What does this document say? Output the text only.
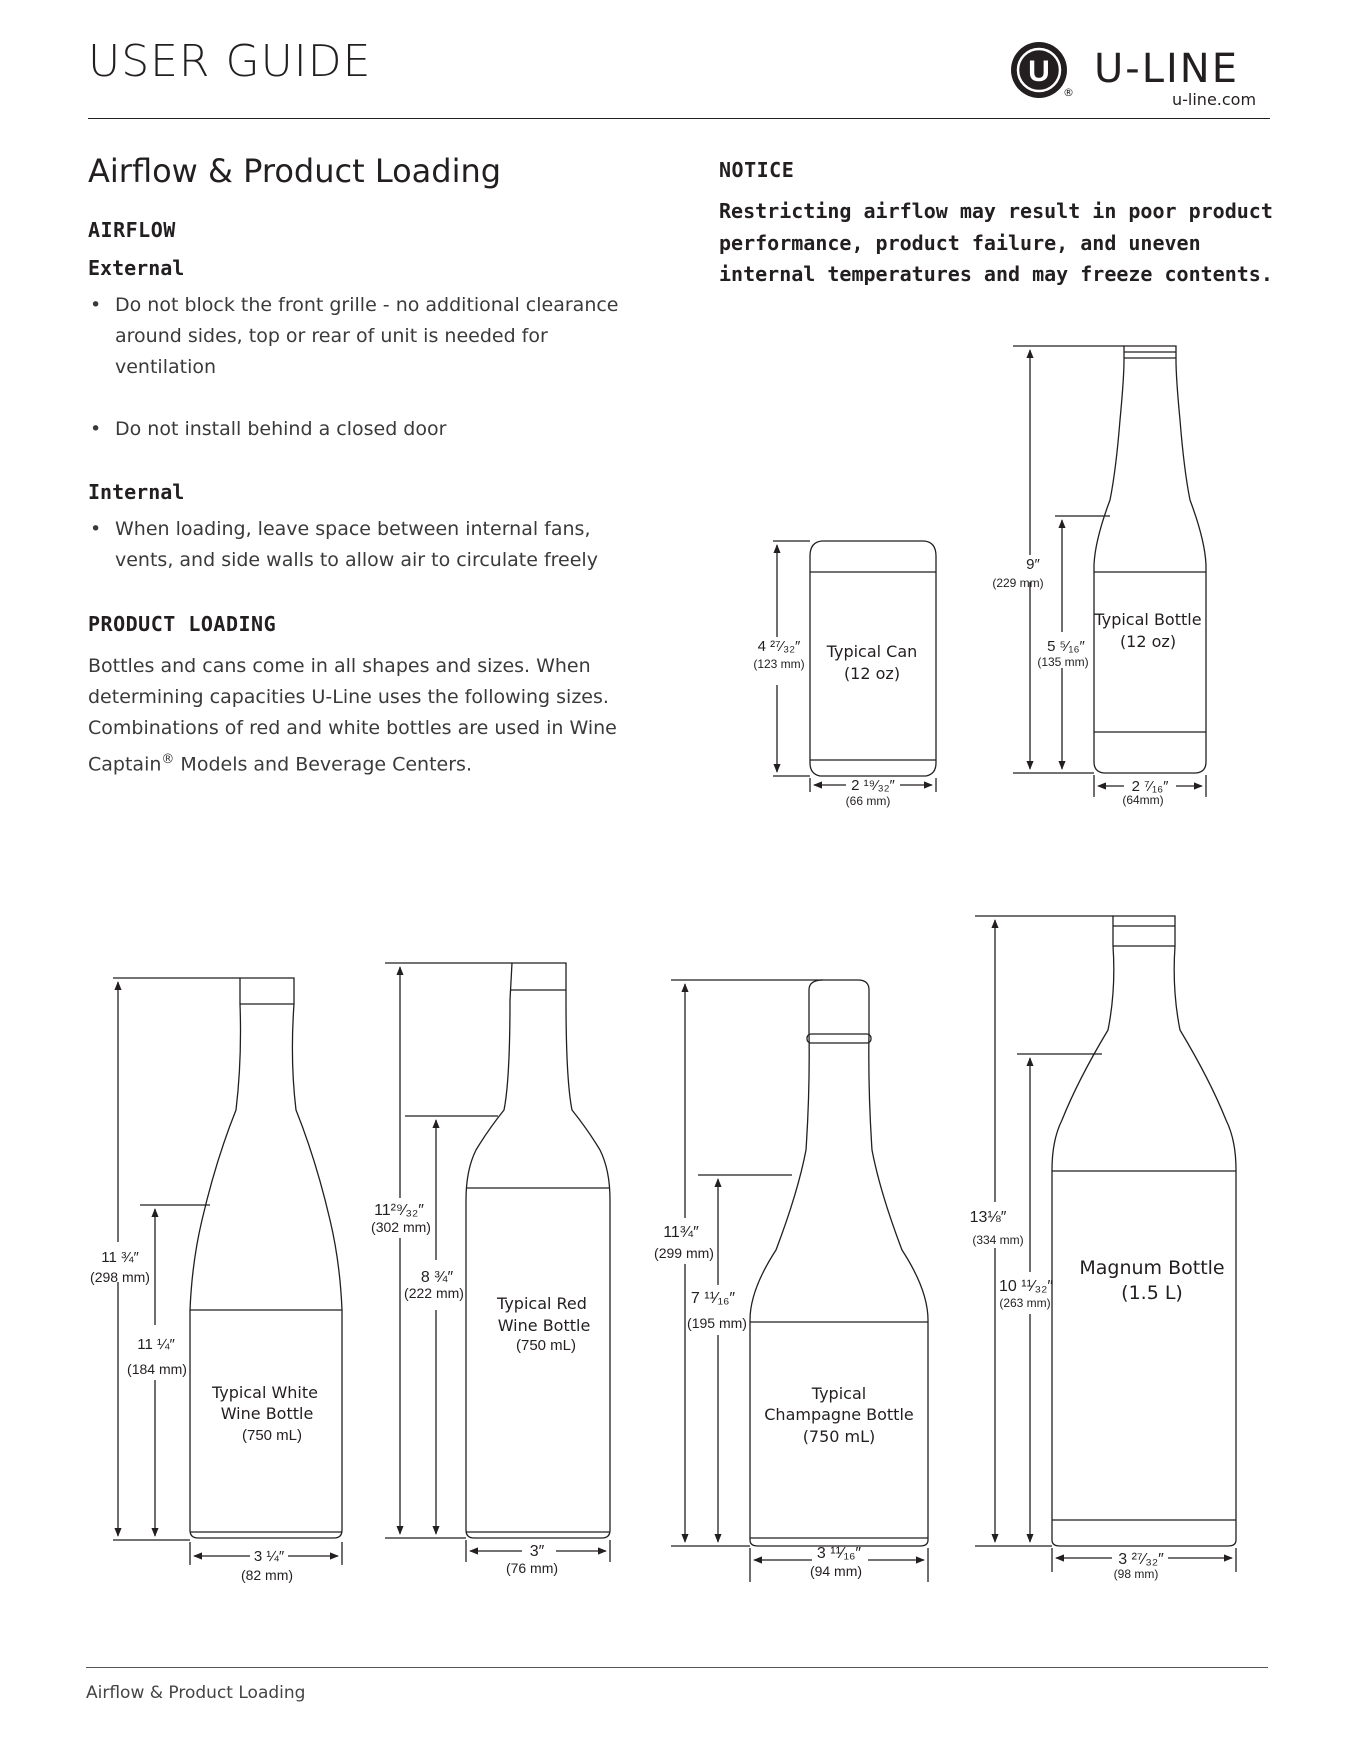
USER GUIDE	U
®
U-LINE
u-line.com
Airflow & Product Loading
AIRFLOW
External
• Do not block the front grille - no additional clearance around sides, top or rear of unit is needed for ventilation
• Do not install behind a closed door
Internal
• When loading, leave space between internal fans, vents, and side walls to allow air to circulate freely
PRODUCT LOADING
Bottles and cans come in all shapes and sizes. When determining capacities U-Line uses the following sizes. Combinations of red and white bottles are used in Wine Captain® Models and Beverage Centers.
NOTICE
Restricting airflow may result in poor product performance, product failure, and uneven internal temperatures and may freeze contents.
Typical Can
(12 oz)
4 ²⁷⁄₃₂″
(123 mm)
2 ¹⁹⁄₃₂″
(66 mm)
Typical Bottle
(12 oz)
9″
(229 mm)
5 ⁵⁄₁₆″
(135 mm)
2 ⁷⁄₁₆″
(64mm)
Typical White
Wine Bottle
(750 mL)
11 ¾″
(298 mm)
11 ¼″
(184 mm)
3 ¼″
(82 mm)
Typical Red
Wine Bottle
(750 mL)
11²⁹⁄₃₂″
(302 mm)
8 ¾″
(222 mm)
3″
(76 mm)
Typical
Champagne Bottle
(750 mL)
11¾″
(299 mm)
7 ¹¹⁄₁₆″
(195 mm)
3 ¹¹⁄₁₆″
(94 mm)
Magnum Bottle
(1.5 L)
13⅛″
(334 mm)
10 ¹¹⁄₃₂″
(263 mm)
3 ²⁷⁄₃₂″
(98 mm)
Airflow & Product Loading
